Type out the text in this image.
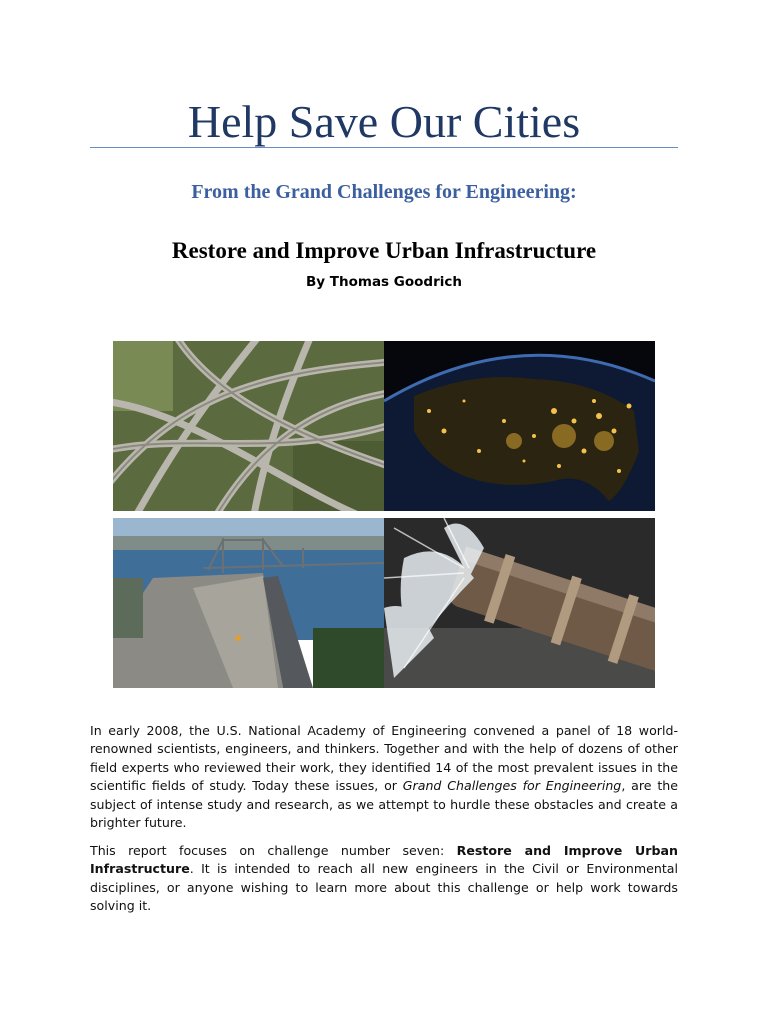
Help Save Our Cities
From the Grand Challenges for Engineering:
Restore and Improve Urban Infrastructure
By Thomas Goodrich

In early 2008, the U.S. National Academy of Engineering convened a panel of 18 world-renowned scientists, engineers, and thinkers. Together and with the help of dozens of other field experts who reviewed their work, they identified 14 of the most prevalent issues in the scientific fields of study. Today these issues, or Grand Challenges for Engineering, are the subject of intense study and research, as we attempt to hurdle these obstacles and create a brighter future.

This report focuses on challenge number seven: Restore and Improve Urban Infrastructure. It is intended to reach all new engineers in the Civil or Environmental disciplines, or anyone wishing to learn more about this challenge or help work towards solving it.
